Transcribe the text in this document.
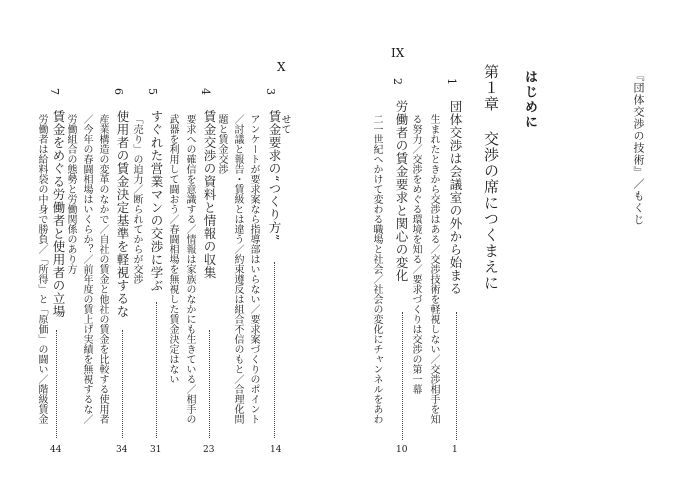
『団体交渉の技術』／もくじ
IX
X
はじめに
第１章
交渉の席につくまえに
1
団体交渉は会議室の外から始まる
1
生まれたときから交渉はある／交渉技術を軽視しない／交渉相手を知
る努力／交渉をめぐる環境を知る／要求づくりは交渉の第一幕
2
労働者の賃金要求と関心の変化
10
二一世紀へかけて変わる職場と社会／社会の変化にチャンネルをあわ
3
賃金要求の“つくり方”
14
せて
アンケートが要求案なら指導部はいらない／要求案づくりのポイント
／討議と報告・賃級とは違う／約束遵反は組合不信のもと／合理化問
題と賃金交渉
4
賃金交渉の資料と情報の収集
23
要求への確信を意識する／情報は家族のなかにも生きている／相手の
武器を利用して闘おう／春闘相場を無視した賃金決定はない
5
すぐれた営業マンの交渉に学ぶ
31
「売り」の迫力／断られてからが交渉
6
使用者の賃金決定基準を軽視するな
34
産業構造の変革のなかで／自社の賃金と他社の賃金を比較する使用者
／今年の春闘相場はいくらか？／前年度の賃上げ実績を無視するな／
労働組合の態勢と労働関係のあり方
7
賃金をめぐる労働者と使用者の立場
44
労働者は給料袋の中身で勝負／「所得」と「原価」の闘い／階級賃金
